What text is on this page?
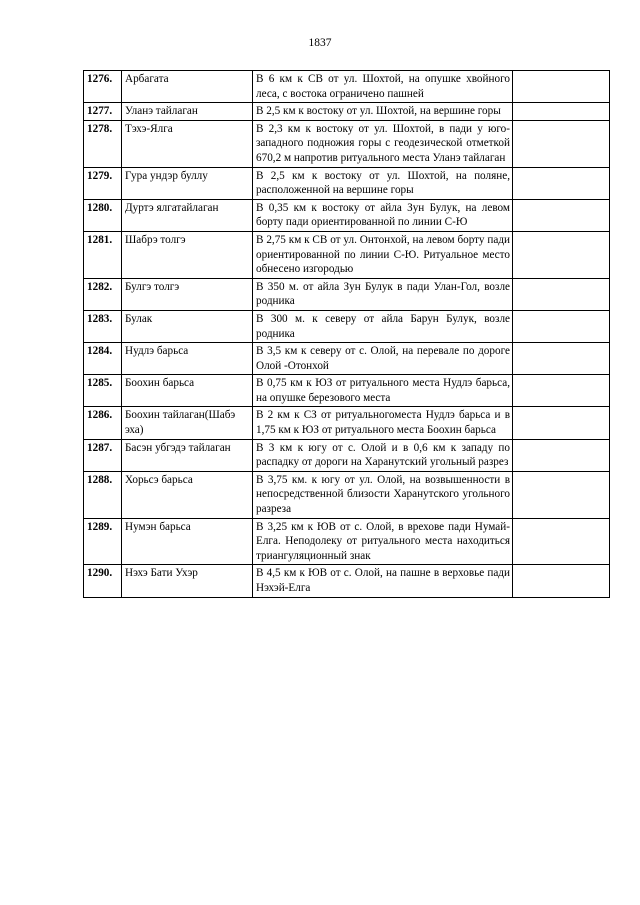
1837
1276.	Арбагата	В 6 км к СВ от ул. Шохтой, на опушке хвойного леса, с востока ограничено пашней	
1277.	Уланэ тайлаган	В 2,5 км к востоку от ул. Шохтой, на вершине горы	
1278.	Тэхэ-Ялга	В 2,3 км к востоку от ул. Шохтой, в пади у юго-западного подножия горы с геодезической отметкой 670,2 м напротив ритуального места Уланэ тайлаган	
1279.	Гура ундэр буллу	В 2,5 км к востоку от ул. Шохтой, на поляне, расположенной на вершине горы	
1280.	Дуртэ ялгатайлаган	В 0,35 км к востоку от айла Зун Булук, на левом борту пади ориентированной по линии С-Ю	
1281.	Шабрэ толгэ	В 2,75 км к СВ от ул. Онтонхой, на левом борту пади ориентированной по линии С-Ю. Ритуальное место обнесено изгородью	
1282.	Булгэ толгэ	В 350 м. от айла Зун Булук в пади Улан-Гол, возле родника	
1283.	Булак	В 300 м. к северу от айла Барун Булук, возле родника	
1284.	Нудлэ барьса	В 3,5 км к северу от с. Олой, на перевале по дороге Олой -Отонхой	
1285.	Боохин барьса	В 0,75 км к ЮЗ от ритуального места Нудлэ барьса, на опушке березового места	
1286.	Боохин тайлаган(Шабэ эха)	В 2 км к СЗ от ритуальногоместа Нудлэ барьса и в 1,75 км к ЮЗ от ритуального места Боохин барьса	
1287.	Басэн убгэдэ тайлаган	В 3 км к югу от с. Олой и в 0,6 км к западу по распадку от дороги на Харанутский угольный разрез	
1288.	Хорьсэ барьса	В 3,75 км. к югу от ул. Олой, на возвышенности в непосредственной близости Харанутского угольного разреза	
1289.	Нумэн барьса	В 3,25 км к ЮВ от с. Олой, в врехове пади Нумай-Елга. Неподолеку от ритуального места находиться триангуляционный знак	
1290.	Нэхэ Бати Ухэр	В 4,5 км к ЮВ от с. Олой, на пашне в верховье пади Нэхэй-Елга	
